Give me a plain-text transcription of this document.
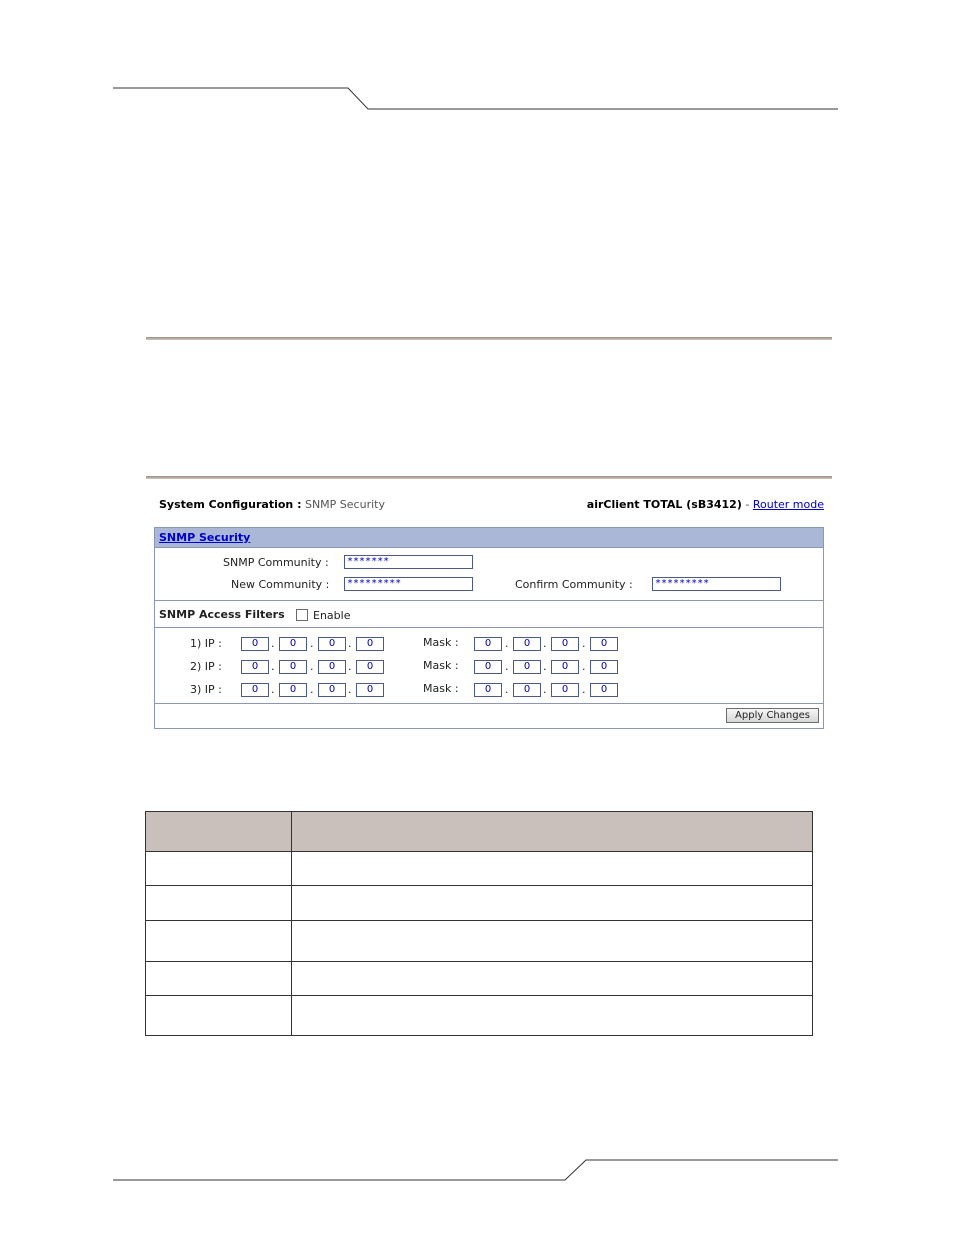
System Configuration : SNMP Security	airClient TOTAL (sB3412) - Router mode
SNMP Security
SNMP Community :	*******
New Community :	*********	Confirm Community :	*********
SNMP Access Filters	Enable
1) IP :	0	.	0	.	0	.	0	Mask :	0	.	0	.	0	.	0
2) IP :	0	.	0	.	0	.	0	Mask :	0	.	0	.	0	.	0
3) IP :	0	.	0	.	0	.	0	Mask :	0	.	0	.	0	.	0
Apply Changes
